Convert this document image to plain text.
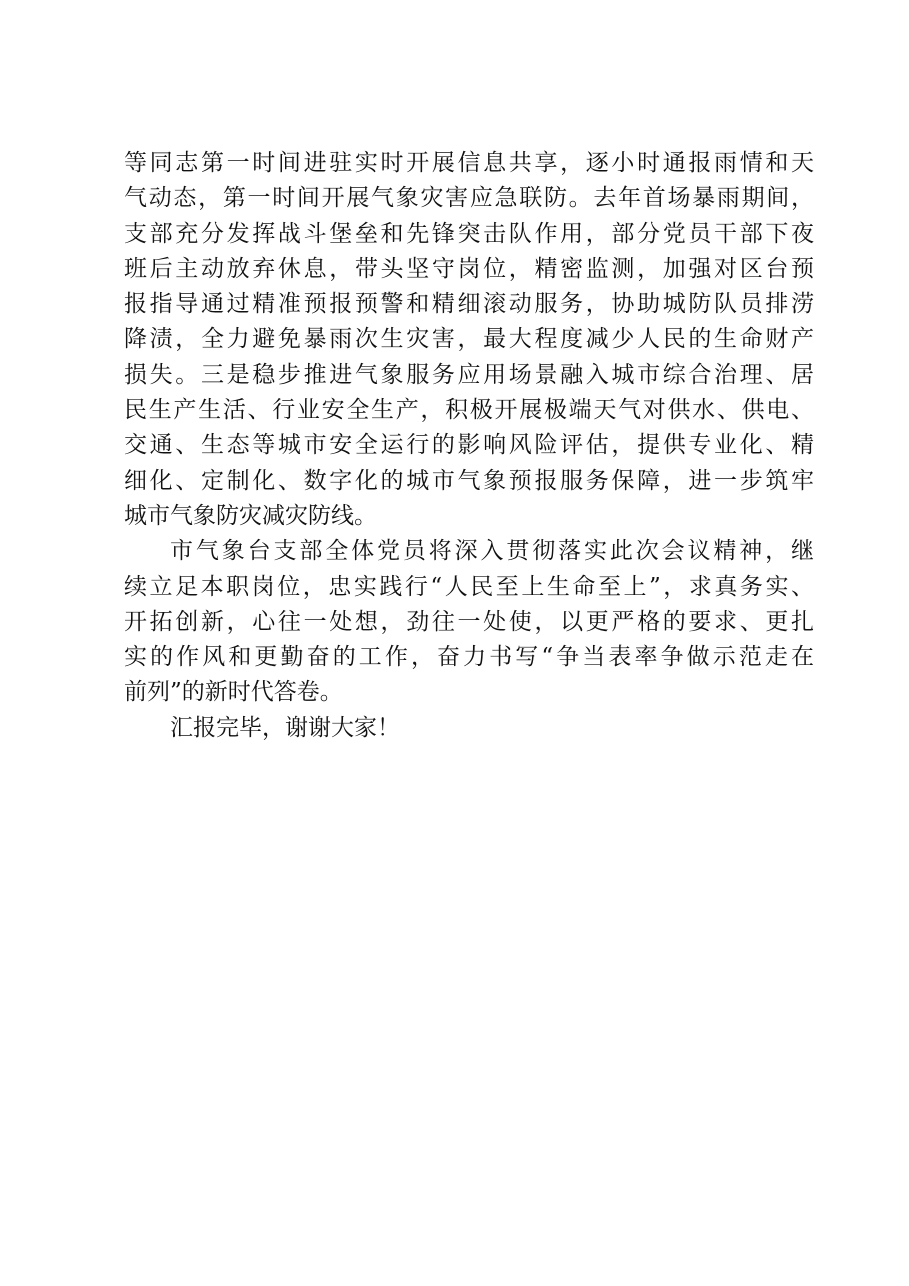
等同志第一时间进驻实时开展信息共享，逐小时通报雨情和天
气动态，第一时间开展气象灾害应急联防。去年首场暴雨期间，
支部充分发挥战斗堡垒和先锋突击队作用，部分党员干部下夜
班后主动放弃休息，带头坚守岗位，精密监测，加强对区台预
报指导通过精准预报预警和精细滚动服务，协助城防队员排涝
降渍，全力避免暴雨次生灾害，最大程度减少人民的生命财产
损失。三是稳步推进气象服务应用场景融入城市综合治理、居
民生产生活、行业安全生产，积极开展极端天气对供水、供电、
交通、生态等城市安全运行的影响风险评估，提供专业化、精
细化、定制化、数字化的城市气象预报服务保障，进一步筑牢
城市气象防灾减灾防线。
市气象台支部全体党员将深入贯彻落实此次会议精神，继
续立足本职岗位，忠实践行“人民至上生命至上”，求真务实、
开拓创新，心往一处想，劲往一处使，以更严格的要求、更扎
实的作风和更勤奋的工作，奋力书写“争当表率争做示范走在
前列”的新时代答卷。
汇报完毕，谢谢大家！
